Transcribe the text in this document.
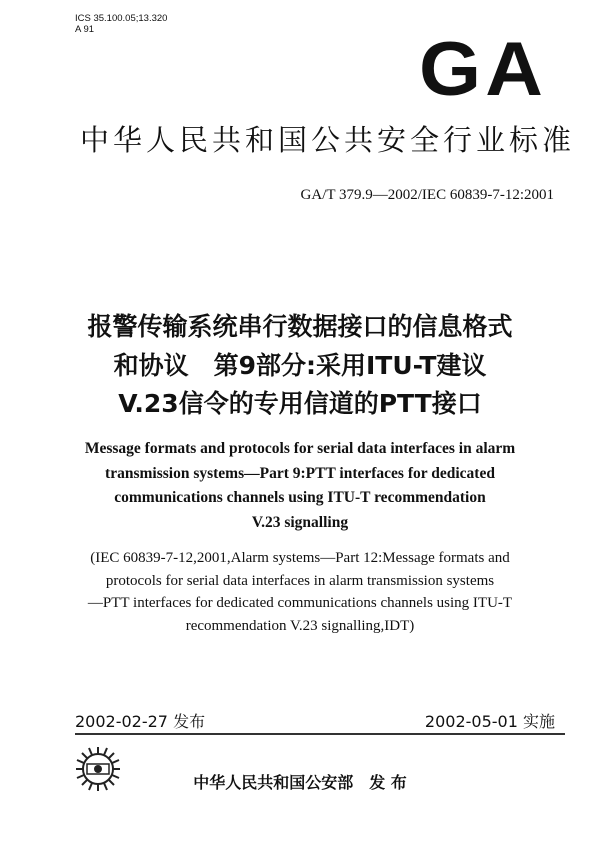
ICS 35.100.05;13.320
A 91	GA
中华人民共和国公共安全行业标准
GA/T 379.9—2002/IEC 60839-7-12:2001
报警传输系统串行数据接口的信息格式
和协议　第9部分:采用ITU-T建议
V.23信令的专用信道的PTT接口
Message formats and protocols for serial data interfaces in alarm
transmission systems—Part 9:PTT interfaces for dedicated
communications channels using ITU-T recommendation
V.23 signalling
(IEC 60839-7-12,2001,Alarm systems—Part 12:Message formats and
protocols for serial data interfaces in alarm transmission systems
—PTT interfaces for dedicated communications channels using ITU-T
recommendation V.23 signalling,IDT)
2002-02-27 发布	2002-05-01 实施
中华人民共和国公安部　发 布
